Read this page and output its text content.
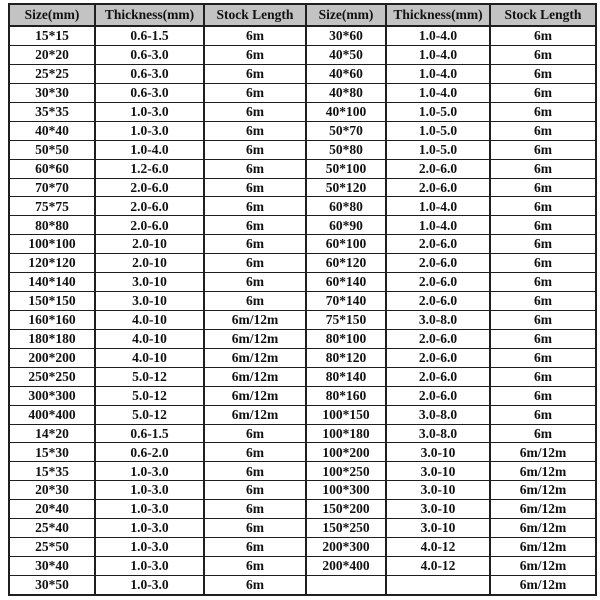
Size(mm)	Thickness(mm)	Stock Length	Size(mm)	Thickness(mm)	Stock Length
15*15	0.6-1.5	6m	30*60	1.0-4.0	6m
20*20	0.6-3.0	6m	40*50	1.0-4.0	6m
25*25	0.6-3.0	6m	40*60	1.0-4.0	6m
30*30	0.6-3.0	6m	40*80	1.0-4.0	6m
35*35	1.0-3.0	6m	40*100	1.0-5.0	6m
40*40	1.0-3.0	6m	50*70	1.0-5.0	6m
50*50	1.0-4.0	6m	50*80	1.0-5.0	6m
60*60	1.2-6.0	6m	50*100	2.0-6.0	6m
70*70	2.0-6.0	6m	50*120	2.0-6.0	6m
75*75	2.0-6.0	6m	60*80	1.0-4.0	6m
80*80	2.0-6.0	6m	60*90	1.0-4.0	6m
100*100	2.0-10	6m	60*100	2.0-6.0	6m
120*120	2.0-10	6m	60*120	2.0-6.0	6m
140*140	3.0-10	6m	60*140	2.0-6.0	6m
150*150	3.0-10	6m	70*140	2.0-6.0	6m
160*160	4.0-10	6m/12m	75*150	3.0-8.0	6m
180*180	4.0-10	6m/12m	80*100	2.0-6.0	6m
200*200	4.0-10	6m/12m	80*120	2.0-6.0	6m
250*250	5.0-12	6m/12m	80*140	2.0-6.0	6m
300*300	5.0-12	6m/12m	80*160	2.0-6.0	6m
400*400	5.0-12	6m/12m	100*150	3.0-8.0	6m
14*20	0.6-1.5	6m	100*180	3.0-8.0	6m
15*30	0.6-2.0	6m	100*200	3.0-10	6m/12m
15*35	1.0-3.0	6m	100*250	3.0-10	6m/12m
20*30	1.0-3.0	6m	100*300	3.0-10	6m/12m
20*40	1.0-3.0	6m	150*200	3.0-10	6m/12m
25*40	1.0-3.0	6m	150*250	3.0-10	6m/12m
25*50	1.0-3.0	6m	200*300	4.0-12	6m/12m
30*40	1.0-3.0	6m	200*400	4.0-12	6m/12m
30*50	1.0-3.0	6m			6m/12m
